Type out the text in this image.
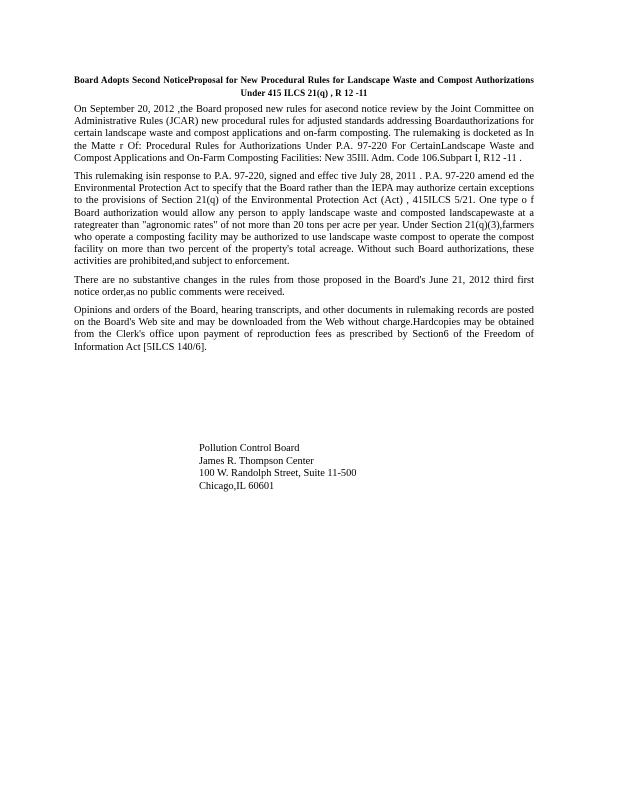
Board Adopts Second NoticeProposal for New Procedural Rules for Landscape Waste and Compost Authorizations Under 415 ILCS 21(q) , R 12 -11

On September 20, 2012 ,the Board proposed new rules for asecond notice review by the Joint Committee on Administrative Rules (JCAR) new procedural rules for adjusted standards addressing Boardauthorizations for certain landscape waste and compost applications and on-farm composting. The rulemaking is docketed as In the Matte r Of: Procedural Rules for Authorizations Under P.A. 97-220 For CertainLandscape Waste and Compost Applications and On-Farm Composting Facilities: New 35Ill. Adm. Code 106.Subpart I, R12 -11 .

This rulemaking isin response to P.A. 97-220, signed and effec tive July 28, 2011 . P.A. 97-220 amend ed the Environmental Protection Act to specify that the Board rather than the IEPA may authorize certain exceptions to the provisions of Section 21(q) of the Environmental Protection Act (Act) , 415ILCS 5/21. One type o f Board authorization would allow any person to apply landscape waste and composted landscapewaste at a rategreater than "agronomic rates" of not more than 20 tons per acre per year. Under Section 21(q)(3),farmers who operate a composting facility may be authorized to use landscape waste compost to operate the compost facility on more than two percent of the property's total acreage. Without such Board authorizations, these activities are prohibited,and subject to enforcement.

There are no substantive changes in the rules from those proposed in the Board's June 21, 2012 third first notice order,as no public comments were received.

Opinions and orders of the Board, hearing transcripts, and other documents in rulemaking records are posted on the Board's Web site and may be downloaded from the Web without charge.Hardcopies may be obtained from the Clerk's office upon payment of reproduction fees as prescribed by Section6 of the Freedom of Information Act [5ILCS 140/6].

Pollution Control Board
James R. Thompson Center
100 W. Randolph Street, Suite 11-500
Chicago,IL 60601
